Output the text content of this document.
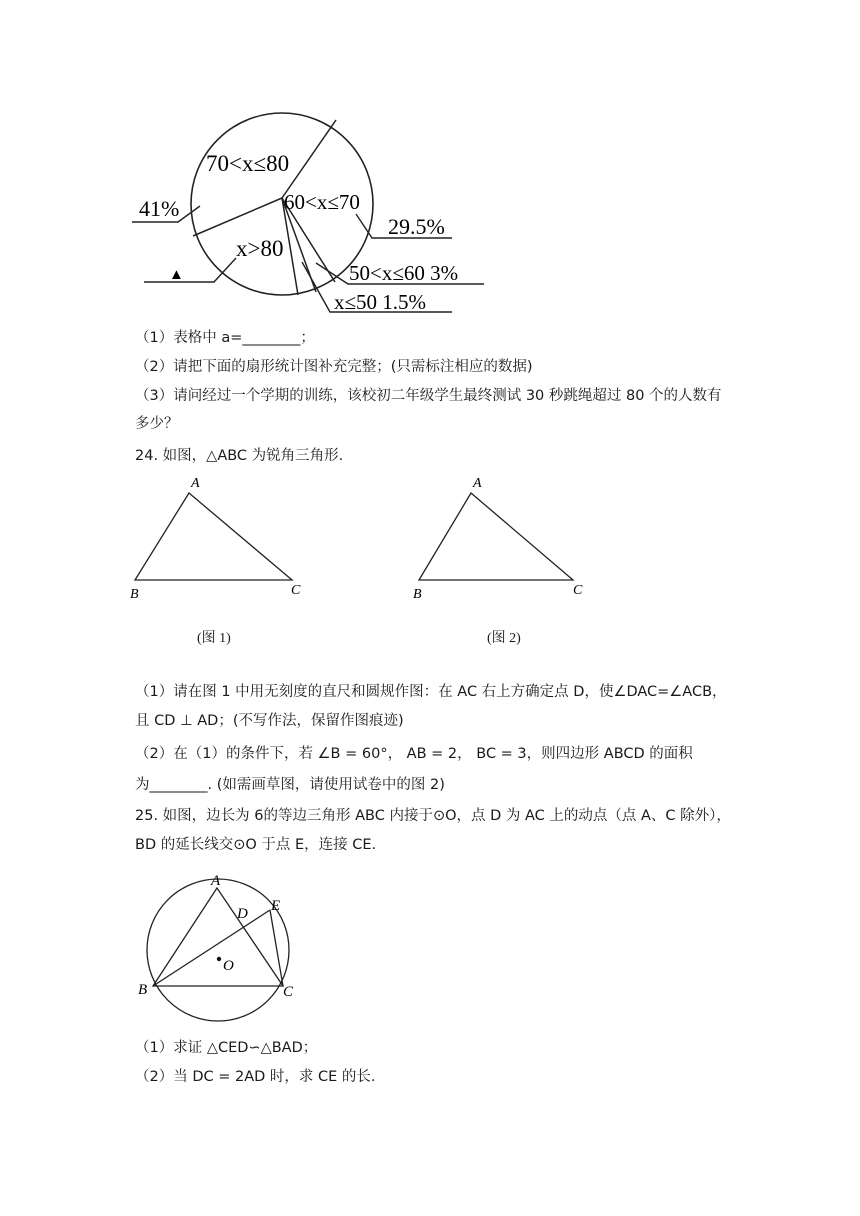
70<x≤80
60<x≤70
41%
29.5%
x>80
▲	50<x≤60 3%
x≤50 1.5%
（1）表格中 a=________；
（2）请把下面的扇形统计图补充完整；(只需标注相应的数据)
（3）请问经过一个学期的训练，该校初二年级学生最终测试 30 秒跳绳超过 80 个的人数有
多少？
24. 如图，△ABC 为锐角三角形.
A
B	C
A
B	C
(图 1)	(图 2)
（1）请在图 1 中用无刻度的直尺和圆规作图：在 AC 右上方确定点 D，使∠DAC=∠ACB，
且 CD ⊥ AD；(不写作法，保留作图痕迹)
（2）在（1）的条件下，若 ∠B = 60°， AB = 2， BC = 3，则四边形 ABCD 的面积
为________. (如需画草图，请使用试卷中的图 2)
25. 如图，边长为 6的等边三角形 ABC 内接于⊙O，点 D 为 AC 上的动点（点 A、C 除外），
BD 的延长线交⊙O 于点 E，连接 CE.
A
B	C
D E
O
（1）求证 △CED∽△BAD；
（2）当 DC = 2AD 时，求 CE 的长.
